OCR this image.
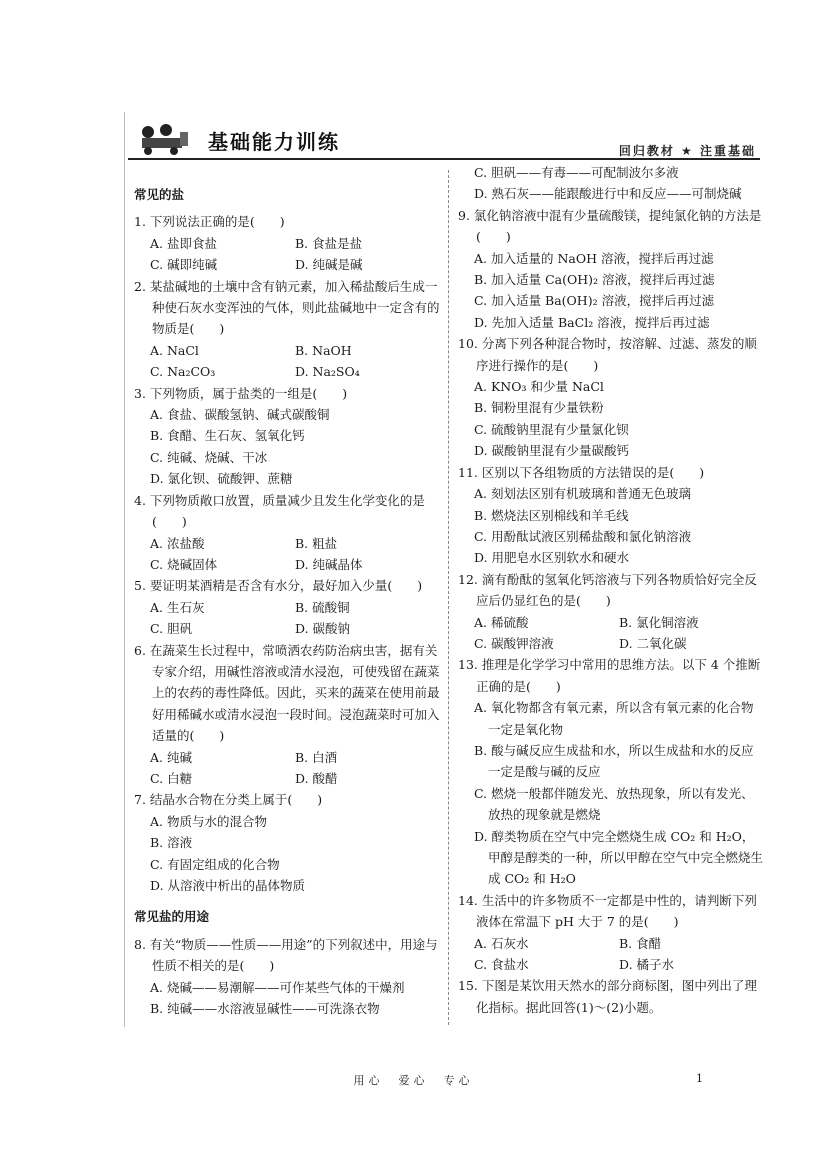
基础能力训练	回归教材 ★ 注重基础
常见的盐
1. 下列说法正确的是(　　)
A. 盐即食盐	B. 食盐是盐
C. 碱即纯碱	D. 纯碱是碱
2. 某盐碱地的土壤中含有钠元素，加入稀盐酸后生成一种使石灰水变浑浊的气体，则此盐碱地中一定含有的物质是(　　)
A. NaCl	B. NaOH
C. Na₂CO₃	D. Na₂SO₄
3. 下列物质，属于盐类的一组是(　　)
A. 食盐、碳酸氢钠、碱式碳酸铜
B. 食醋、生石灰、氢氧化钙
C. 纯碱、烧碱、干冰
D. 氯化钡、硫酸钾、蔗糖
4. 下列物质敞口放置，质量减少且发生化学变化的是(　　)
A. 浓盐酸	B. 粗盐
C. 烧碱固体	D. 纯碱晶体
5. 要证明某酒精是否含有水分，最好加入少量(　　)
A. 生石灰	B. 硫酸铜
C. 胆矾	D. 碳酸钠
6. 在蔬菜生长过程中，常喷洒农药防治病虫害，据有关专家介绍，用碱性溶液或清水浸泡，可使残留在蔬菜上的农药的毒性降低。因此，买来的蔬菜在使用前最好用稀碱水或清水浸泡一段时间。浸泡蔬菜时可加入适量的(　　)
A. 纯碱	B. 白酒
C. 白糖	D. 酸醋
7. 结晶水合物在分类上属于(　　)
A. 物质与水的混合物
B. 溶液
C. 有固定组成的化合物
D. 从溶液中析出的晶体物质
常见盐的用途
8. 有关“物质——性质——用途”的下列叙述中，用途与性质不相关的是(　　)
A. 烧碱——易潮解——可作某些气体的干燥剂
B. 纯碱——水溶液显碱性——可洗涤衣物
C. 胆矾——有毒——可配制波尔多液
D. 熟石灰——能跟酸进行中和反应——可制烧碱
9. 氯化钠溶液中混有少量硫酸镁，提纯氯化钠的方法是(　　)
A. 加入适量的 NaOH 溶液，搅拌后再过滤
B. 加入适量 Ca(OH)₂ 溶液，搅拌后再过滤
C. 加入适量 Ba(OH)₂ 溶液，搅拌后再过滤
D. 先加入适量 BaCl₂ 溶液，搅拌后再过滤
10. 分离下列各种混合物时，按溶解、过滤、蒸发的顺序进行操作的是(　　)
A. KNO₃ 和少量 NaCl
B. 铜粉里混有少量铁粉
C. 硫酸钠里混有少量氯化钡
D. 碳酸钠里混有少量碳酸钙
11. 区别以下各组物质的方法错误的是(　　)
A. 刻划法区别有机玻璃和普通无色玻璃
B. 燃烧法区别棉线和羊毛线
C. 用酚酞试液区别稀盐酸和氯化钠溶液
D. 用肥皂水区别软水和硬水
12. 滴有酚酞的氢氧化钙溶液与下列各物质恰好完全反应后仍显红色的是(　　)
A. 稀硫酸	B. 氯化铜溶液
C. 碳酸钾溶液	D. 二氧化碳
13. 推理是化学学习中常用的思维方法。以下 4 个推断正确的是(　　)
A. 氧化物都含有氧元素，所以含有氧元素的化合物一定是氧化物
B. 酸与碱反应生成盐和水，所以生成盐和水的反应一定是酸与碱的反应
C. 燃烧一般都伴随发光、放热现象，所以有发光、放热的现象就是燃烧
D. 醇类物质在空气中完全燃烧生成 CO₂ 和 H₂O，甲醇是醇类的一种，所以甲醇在空气中完全燃烧生成 CO₂ 和 H₂O
14. 生活中的许多物质不一定都是中性的，请判断下列液体在常温下 pH 大于 7 的是(　　)
A. 石灰水	B. 食醋
C. 食盐水	D. 橘子水
15. 下图是某饮用天然水的部分商标图，图中列出了理化指标。据此回答(1)～(2)小题。
用心　爱心　专心	1
